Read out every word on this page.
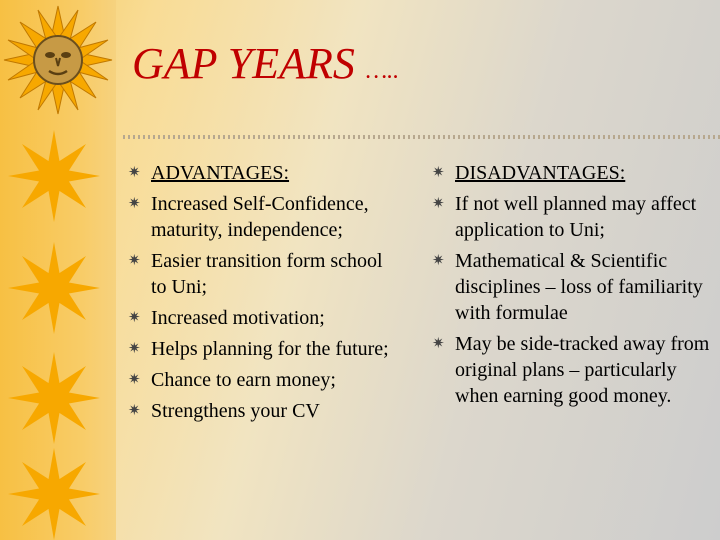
GAP YEARS …..
✷ ADVANTAGES:
✷ Increased Self-Confidence, maturity, independence;
✷ Easier transition form school to Uni;
✷ Increased motivation;
✷ Helps planning for the future;
✷ Chance to earn money;
✷ Strengthens your CV
✷ DISADVANTAGES:
✷ If not well planned may affect application to Uni;
✷ Mathematical & Scientific disciplines – loss of familiarity with formulae
✷ May be side-tracked away from original plans – particularly when earning good money.
